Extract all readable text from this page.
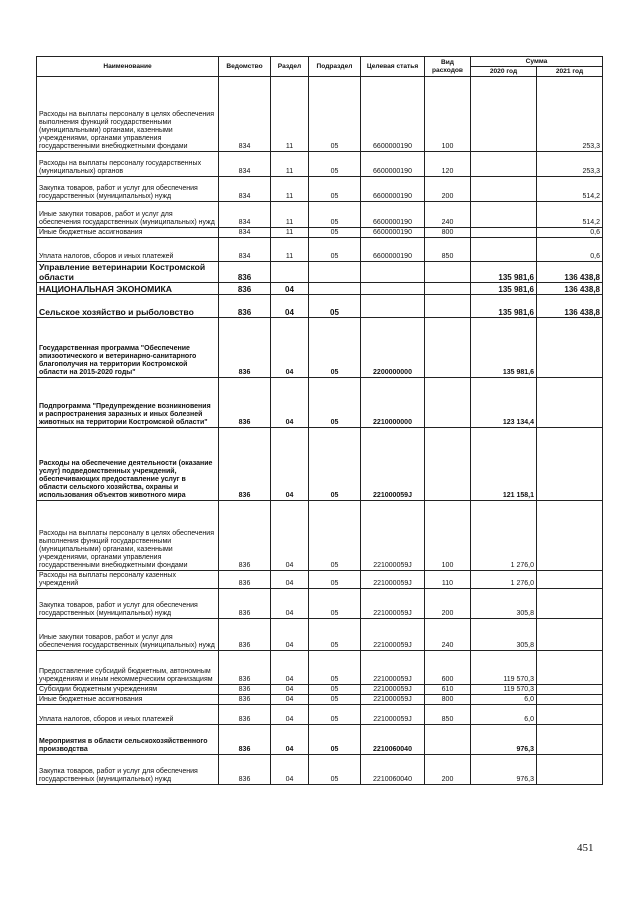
Наименование	Ведомство	Раздел	Подраздел	Целевая статья	Вид расходов	Сумма	
						2020 год	2021 год
Расходы на выплаты персоналу в целях обеспечения выполнения функций государственными (муниципальными) органами, казенными учреждениями, органами управления государственными внебюджетными фондами	834	11	05	6600000190	100		253,3
Расходы на выплаты персоналу государственных (муниципальных) органов	834	11	05	6600000190	120		253,3
Закупка товаров, работ и услуг для обеспечения государственных (муниципальных) нужд	834	11	05	6600000190	200		514,2
Иные закупки товаров, работ и услуг для обеспечения государственных (муниципальных) нужд	834	11	05	6600000190	240		514,2
Иные бюджетные ассигнования	834	11	05	6600000190	800		0,6
Уплата налогов, сборов и иных платежей	834	11	05	6600000190	850		0,6
Управление ветеринарии Костромской области	836					135 981,6	136 438,8
НАЦИОНАЛЬНАЯ ЭКОНОМИКА	836	04				135 981,6	136 438,8
Сельское хозяйство и рыболовство	836	04	05			135 981,6	136 438,8
Государственная программа "Обеспечение эпизоотического и ветеринарно-санитарного благополучия на территории Костромской области на 2015-2020 годы"	836	04	05	2200000000		135 981,6	
Подпрограмма "Предупреждение возникновения и распространения заразных и иных болезней животных на территории Костромской области"	836	04	05	2210000000		123 134,4	
Расходы на обеспечение деятельности (оказание услуг) подведомственных учреждений, обеспечивающих предоставление услуг в области сельского хозяйства, охраны и использования объектов животного мира	836	04	05	221000059J		121 158,1	
Расходы на выплаты персоналу в целях обеспечения выполнения функций государственными (муниципальными) органами, казенными учреждениями, органами управления государственными внебюджетными фондами	836	04	05	221000059J	100	1 276,0	
Расходы на выплаты персоналу казенных учреждений	836	04	05	221000059J	110	1 276,0	
Закупка товаров, работ и услуг для обеспечения государственных (муниципальных) нужд	836	04	05	221000059J	200	305,8	
Иные закупки товаров, работ и услуг для обеспечения государственных (муниципальных) нужд	836	04	05	221000059J	240	305,8	
Предоставление субсидий бюджетным, автономным учреждениям и иным некоммерческим организациям	836	04	05	221000059J	600	119 570,3	
Субсидии бюджетным учреждениям	836	04	05	221000059J	610	119 570,3	
Иные бюджетные ассигнования	836	04	05	221000059J	800	6,0	
Уплата налогов, сборов и иных платежей	836	04	05	221000059J	850	6,0	
Мероприятия в области сельскохозяйственного производства	836	04	05	2210060040		976,3	
Закупка товаров, работ и услуг для обеспечения государственных (муниципальных) нужд	836	04	05	2210060040	200	976,3	
451
